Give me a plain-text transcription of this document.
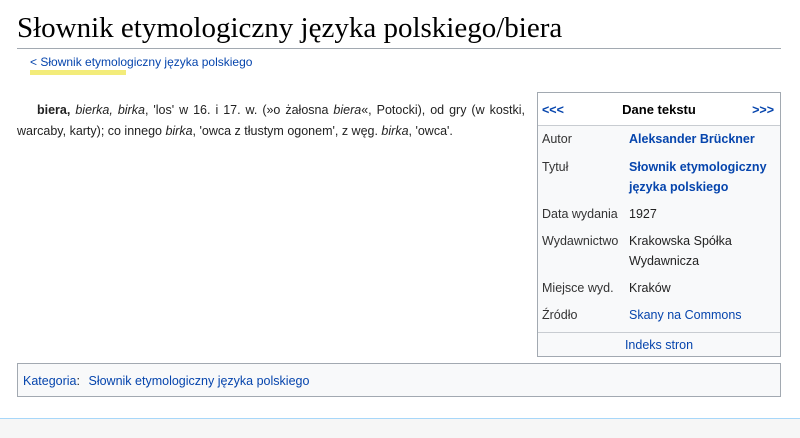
Słownik etymologiczny języka polskiego/biera
< Słownik etymologiczny języka polskiego
biera, bierka, birka, 'los' w 16. i 17. w. (»o żałosna biera«, Potocki), od gry (w kostki, warcaby, karty); co innego birka, 'owca z tłustym ogonem', z węg. birka, 'owca'.
Dane tekstu
<<<	>>>
Autor	Aleksander Brückner
Tytuł	Słownik etymologiczny języka polskiego
Data wydania 1927
Wydawnictwo Krakowska Spółka Wydawnicza
Miejsce wyd.	Kraków
Źródło	Skany na Commons
Indeks stron
Kategoria: Słownik etymologiczny języka polskiego
